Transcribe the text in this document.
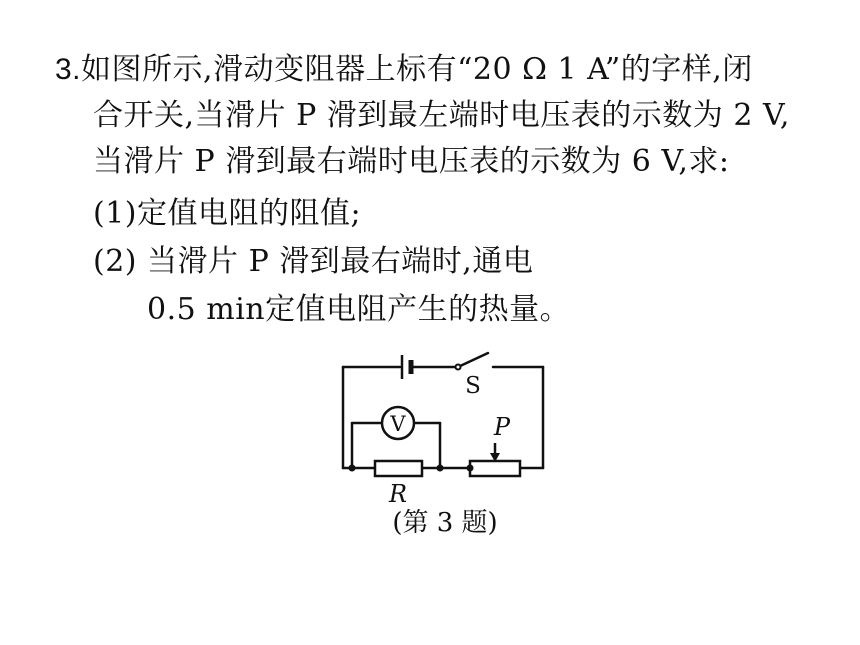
3.如图所示,滑动变阻器上标有“20 Ω 1 A”的字样,闭
合开关,当滑片 P 滑到最左端时电压表的示数为 2 V,
当滑片 P 滑到最右端时电压表的示数为 6 V,求:
(1)定值电阻的阻值;
(2) 当滑片 P 滑到最右端时,通电
0.5 min定值电阻产生的热量。
V
S
P
R
(第 3 题)
